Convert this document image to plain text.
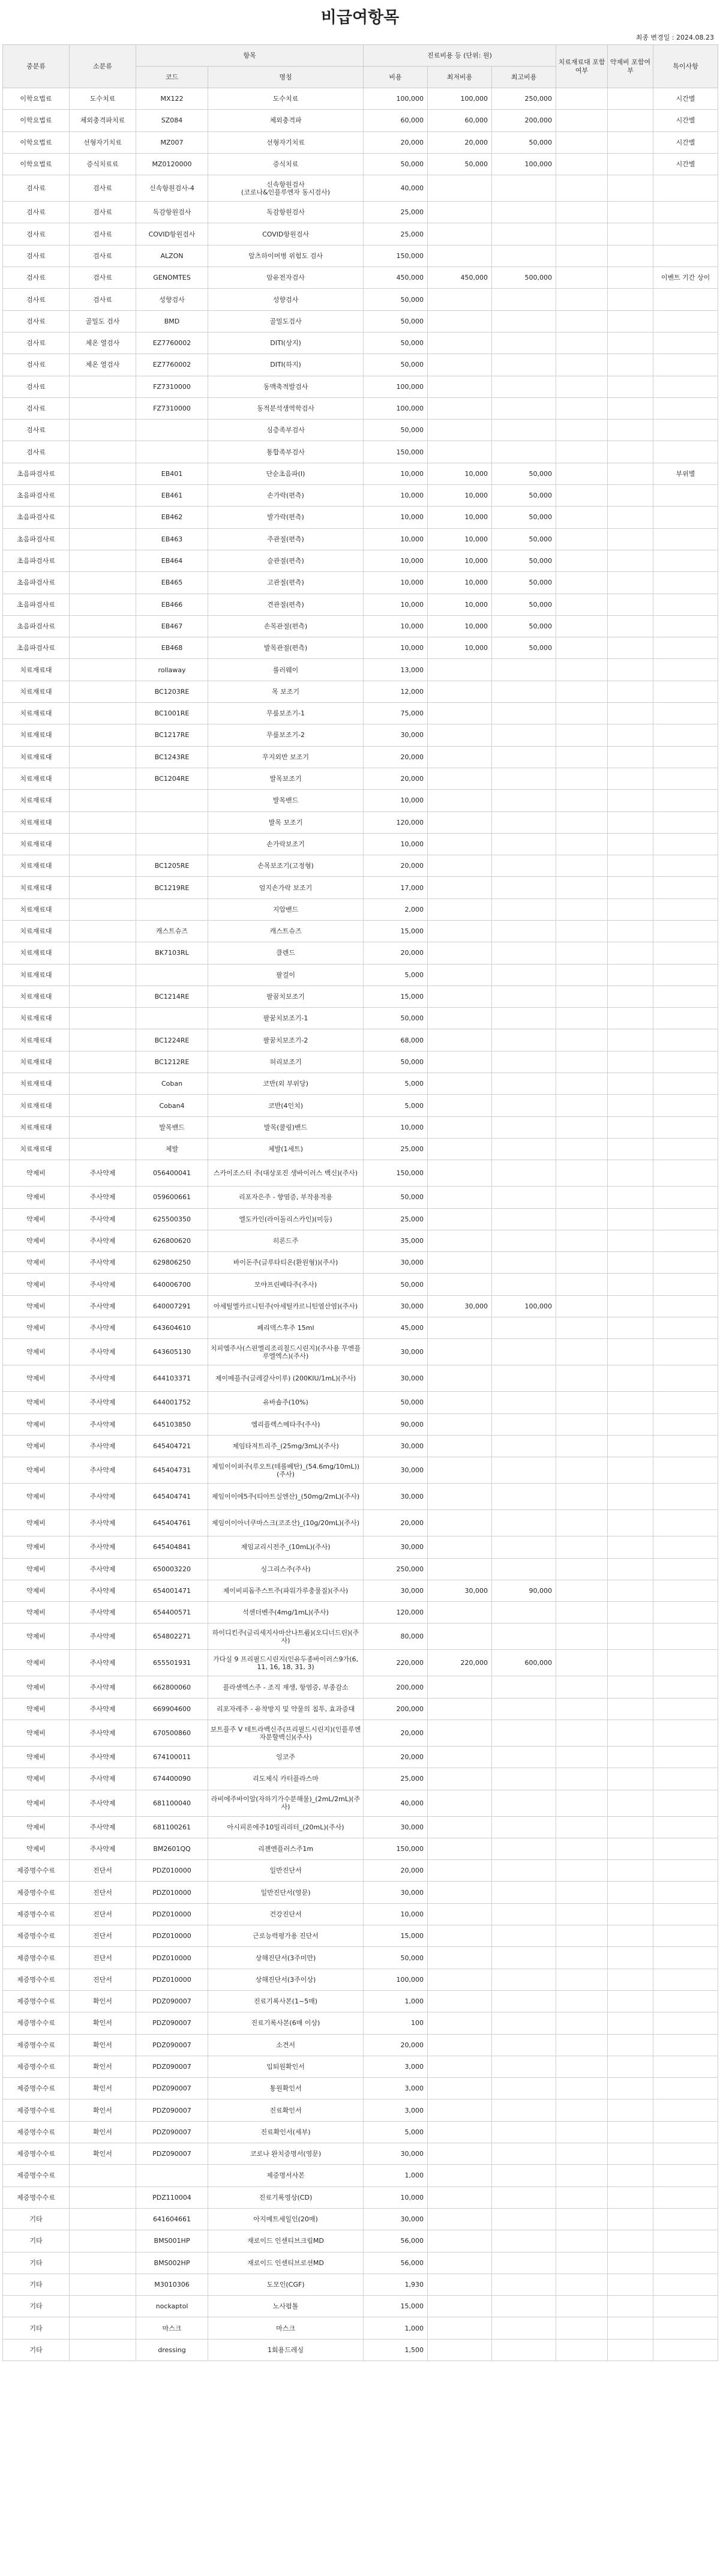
비급여항목
최종 변경일 : 2024.08.23
중분류	소분류	항목		진료비용 등 (단위: 원)			치료재료대 포함여부	약제비 포함여부	특이사항
		코드	명칭	비용	최저비용	최고비용			
이학요법료	도수치료	MX122	도수치료	100,000	100,000	250,000			시간별
이학요법료	체외충격파치료	SZ084	체외충격파	60,000	60,000	200,000			시간별
이학요법료	선형자기치료	MZ007	선형자기치료	20,000	20,000	50,000			시간별
이학요법료	증식치료료	MZ0120000	증식치료	50,000	50,000	100,000			시간별
검사료	검사료	신속항원검사-4	신속항원검사
(코로나&인플루엔자 동시검사)	40,000					
검사료	검사료	독감항원검사	독감항원검사	25,000					
검사료	검사료	COVID항원검사	COVID항원검사	25,000					
검사료	검사료	ALZON	알츠하이머병 위험도 검사	150,000					
검사료	검사료	GENOMTES	암유전자검사	450,000	450,000	500,000			이벤트 기간 상이
검사료	검사료	성향검사	성향검사	50,000					
검사료	골밀도 검사	BMD	골밀도검사	50,000					
검사료	체온 열검사	EZ7760002	DITI(상지)	50,000					
검사료	체온 열검사	EZ7760002	DITI(하지)	50,000					
검사료		FZ7310000	동맥축적발검사	100,000					
검사료		FZ7310000	동적분석생역학검사	100,000					
검사료			심층족부검사	50,000					
검사료			통합족부검사	150,000					
초음파검사료		EB401	단순초음파(I)	10,000	10,000	50,000			부위별
초음파검사료		EB461	손가락(편측)	10,000	10,000	50,000			
초음파검사료		EB462	발가락(편측)	10,000	10,000	50,000			
초음파검사료		EB463	주관절(편측)	10,000	10,000	50,000			
초음파검사료		EB464	슬관절(편측)	10,000	10,000	50,000			
초음파검사료		EB465	고관절(편측)	10,000	10,000	50,000			
초음파검사료		EB466	견관절(편측)	10,000	10,000	50,000			
초음파검사료		EB467	손목관절(편측)	10,000	10,000	50,000			
초음파검사료		EB468	발목관절(편측)	10,000	10,000	50,000			
치료재료대		rollaway	롤러웨이	13,000					
치료재료대		BC1203RE	목 보조기	12,000					
치료재료대		BC1001RE	무릎보조기-1	75,000					
치료재료대		BC1217RE	무릎보조기-2	30,000					
치료재료대		BC1243RE	무지외반 보조기	20,000					
치료재료대		BC1204RE	발목보조기	20,000					
치료재료대			발목밴드	10,000					
치료재료대			발목 보조기	120,000					
치료재료대			손가락보조기	10,000					
치료재료대		BC1205RE	손목보조기(고정형)	20,000					
치료재료대		BC1219RE	엄지손가락 보조기	17,000					
치료재료대			지압밴드	2,000					
치료재료대		캐스트슈즈	캐스트슈즈	15,000					
치료재료대		BK7103RL	클렌드	20,000					
치료재료대			팔걸이	5,000					
치료재료대		BC1214RE	팔꿈치보조기	15,000					
치료재료대			팔꿈치보조기-1	50,000					
치료재료대		BC1224RE	팔꿈치보조기-2	68,000					
치료재료대		BC1212RE	허리보조기	50,000					
치료재료대		Coban	코반(외 부위당)	5,000					
치료재료대		Coban4	코반(4인치)	5,000					
치료재료대		발목밴드	발목(쿨링)밴드	10,000					
치료재료대		체발	체발(1세트)	25,000					
약제비	주사약제	056400041	스카이조스터 주(대상포진 생바이러스 백신)(주사)	150,000					
약제비	주사약제	059600661	리포자은주 - 향염증, 부작용적용	50,000					
약제비	주사약제	625500350	엘도카인(라이돌리스카인)(미등)	25,000					
약제비	주사약제	626800620	히론드주	35,000					
약제비	주사약제	629806250	바이돈주(글루타티온(환원형))(주사)	30,000					
약제비	주사약제	640006700	모야프린베타주(주사)	50,000					
약제비	주사약제	640007291	아세틸엘카르니틴주(아세틸카르니틴염산염)(주사)	30,000	30,000	100,000			
약제비	주사약제	643604610	페리덱스후주 15ml	45,000					
약제비	주사약제	643605130	치피엠주사(스핀엘리조리칠드시린지)(주사용 무엔플루엘엑스)(주사)	30,000					
약제비	주사약제	644103371	제이메플주(글레갈사이루) (200KIU/1mL)(주사)	30,000					
약제비	주사약제	644001752	유바숍주(10%)	50,000					
약제비	주사약제	645103850	엠리플렉스메타주(주사)	90,000					
약제비	주사약제	645404721	제임타져트리주_(25mg/3mL)(주사)	30,000					
약제비	주사약제	645404731	제임이이퍼주(루오트(테롤베탄)_(54.6mg/10mL))(주사)	30,000					
약제비	주사약제	645404741	제임이이에5주(티아트실엔산)_(50mg/2mL)(주사)	30,000					
약제비	주사약제	645404761	제임이이아너쿠마스크(코조산)_(10g/20mL)(주사)	20,000					
약제비	주사약제	645404841	제임교리시전주_(10mL)(주사)	30,000					
약제비	주사약제	650003220	싱그리스주(주사)	250,000					
약제비	주사약제	654001471	제이비피돕주스트주(파워가루충물질)(주사)	30,000	30,000	90,000			
약제비	주사약제	654400571	석센더벤주(4mg/1mL)(주사)	120,000					
약제비	주사약제	654802271	하이디킨주(글리세지사마산나트륨)(오디너드린)(주사)	80,000					
약제비	주사약제	655501931	가다실 9 프리필드시린지(인유두종바이러스9가(6, 11, 16, 18, 31, 3)	220,000	220,000	600,000			
약제비	주사약제	662800060	플라센엑스주 - 조직 재생, 항염증, 부종감소	200,000					
약제비	주사약제	669904600	리포자레주 - 유착방지 및 약물의 침투, 효과증대	200,000					
약제비	주사약제	670500860	보트플주 V 테트라백신주(프리필드시린지)(인플루엔자분할백신)(주사)	20,000					
약제비	주사약제	674100011	잉코주	20,000					
약제비	주사약제	674400090	리도제식 카터플라스마	25,000					
약제비	주사약제	681100040	라비에주바이알(자하기가수분해물)_(2mL/2mL)(주사)	40,000					
약제비	주사약제	681100261	아시피론에주10밀리리터_(20mL)(주사)	30,000					
약제비	주사약제	BM2601QQ	리젠엔플러스주1m	150,000					
제증명수수료	진단서	PDZ010000	일반진단서	20,000					
제증명수수료	진단서	PDZ010000	일반진단서(영문)	30,000					
제증명수수료	진단서	PDZ010000	건강진단서	10,000					
제증명수수료	진단서	PDZ010000	근로능력평가용 진단서	15,000					
제증명수수료	진단서	PDZ010000	상해진단서(3주미만)	50,000					
제증명수수료	진단서	PDZ010000	상해진단서(3주이상)	100,000					
제증명수수료	확인서	PDZ090007	진료기록사본(1~5매)	1,000					
제증명수수료	확인서	PDZ090007	진료기록사본(6매 이상)	100					
제증명수수료	확인서	PDZ090007	소견서	20,000					
제증명수수료	확인서	PDZ090007	입퇴원확인서	3,000					
제증명수수료	확인서	PDZ090007	통원확인서	3,000					
제증명수수료	확인서	PDZ090007	진료확인서	3,000					
제증명수수료	확인서	PDZ090007	진료확인서(세부)	5,000					
제증명수수료	확인서	PDZ090007	코로나 완치증명서(영문)	30,000					
제증명수수료			제증명서사본	1,000					
제증명수수료		PDZ110004	진료기록영상(CD)	10,000					
기타		641604661	아지메트세일인(20매)	30,000					
기타		BMS001HP	재로이드 인센티브크림MD	56,000					
기타		BMS002HP	재로이드 인센티브로션MD	56,000					
기타		M3010306	도모인(CGF)	1,930					
기타		nockaptol	노사펌톨	15,000					
기타		마스크	마스크	1,000					
기타		dressing	1회용드레싱	1,500					
